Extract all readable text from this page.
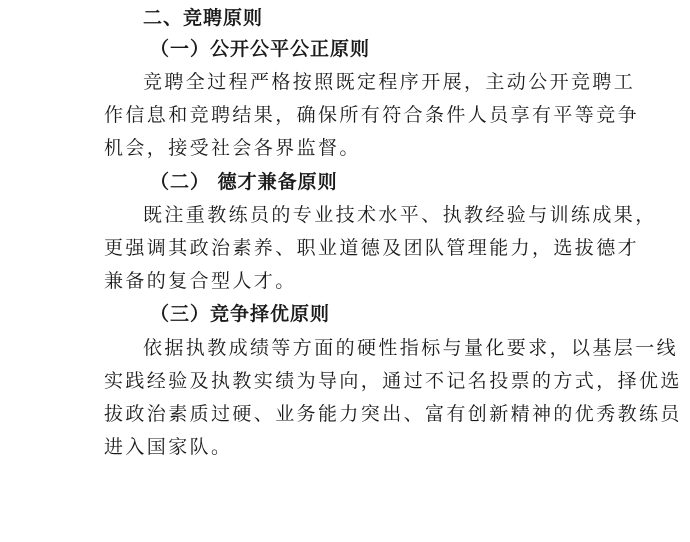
二、竞聘原则
（一）公开公平公正原则
竞聘全过程严格按照既定程序开展，主动公开竞聘工
作信息和竞聘结果，确保所有符合条件人员享有平等竞争
机会，接受社会各界监督。
（二） 德才兼备原则
既注重教练员的专业技术水平、执教经验与训练成果，
更强调其政治素养、职业道德及团队管理能力，选拔德才
兼备的复合型人才。
（三）竞争择优原则
依据执教成绩等方面的硬性指标与量化要求，以基层一线
实践经验及执教实绩为导向，通过不记名投票的方式，择优选
拔政治素质过硬、业务能力突出、富有创新精神的优秀教练员
进入国家队。
